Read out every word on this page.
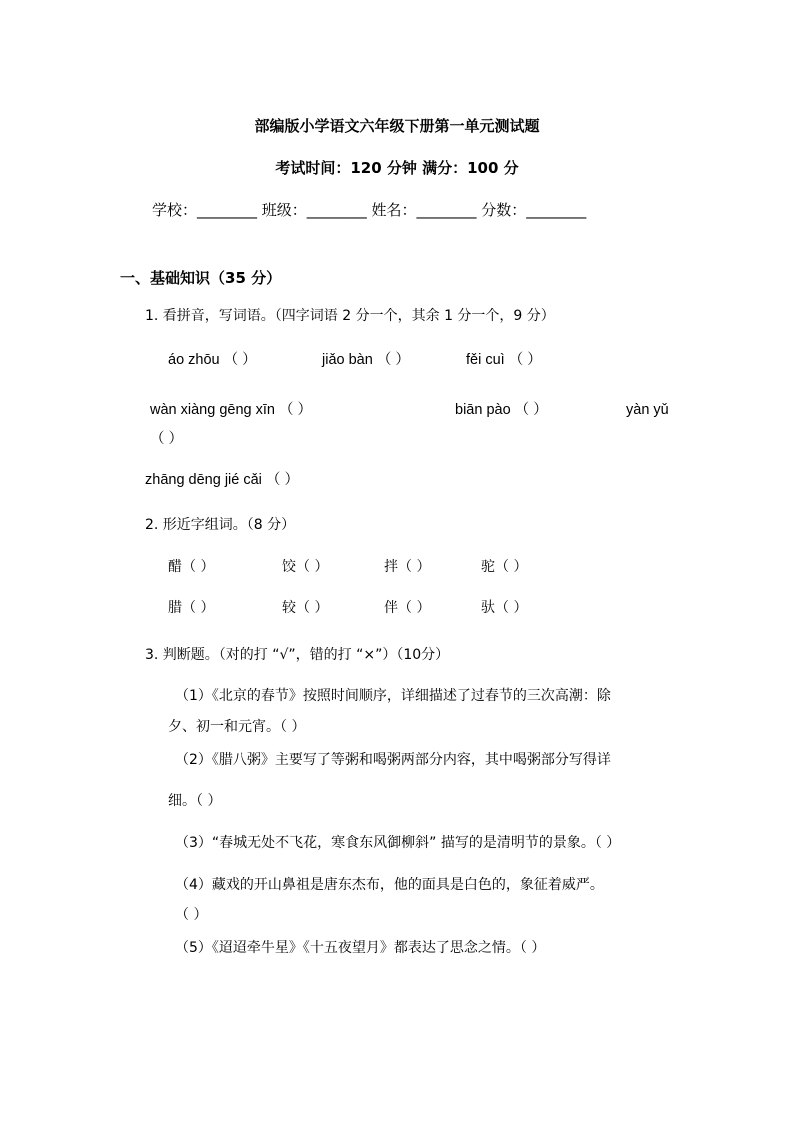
部编版小学语文六年级下册第一单元测试题
考试时间：120 分钟 满分：100 分
学校：________ 班级：________ 姓名：________ 分数：________
一、基础知识（35 分）
1. 看拼音，写词语。（四字词语 2 分一个，其余 1 分一个，9 分）
áo zhōu （ ）	jiǎo bàn （ ）	fěi cuì （ ）
wàn xiàng gēng xīn （ ）	biān pào （ ）	yàn yǔ
（ ）
zhāng dēng jié cǎi （ ）
2. 形近字组词。（8 分）
醋（ ）	饺（ ）	拌（ ）	驼（ ）
腊（ ）	较（ ）	伴（ ）	驮（ ）
3. 判断题。（对的打 “√”，错的打 “×”）（10分）
（1）《北京的春节》按照时间顺序，详细描述了过春节的三次高潮：除
夕、初一和元宵。（ ）
（2）《腊八粥》主要写了等粥和喝粥两部分内容，其中喝粥部分写得详
细。（ ）
（3）“春城无处不飞花，寒食东风御柳斜” 描写的是清明节的景象。（ ）
（4）藏戏的开山鼻祖是唐东杰布，他的面具是白色的，象征着威严。
（ ）
（5）《迢迢牵牛星》《十五夜望月》都表达了思念之情。（ ）
